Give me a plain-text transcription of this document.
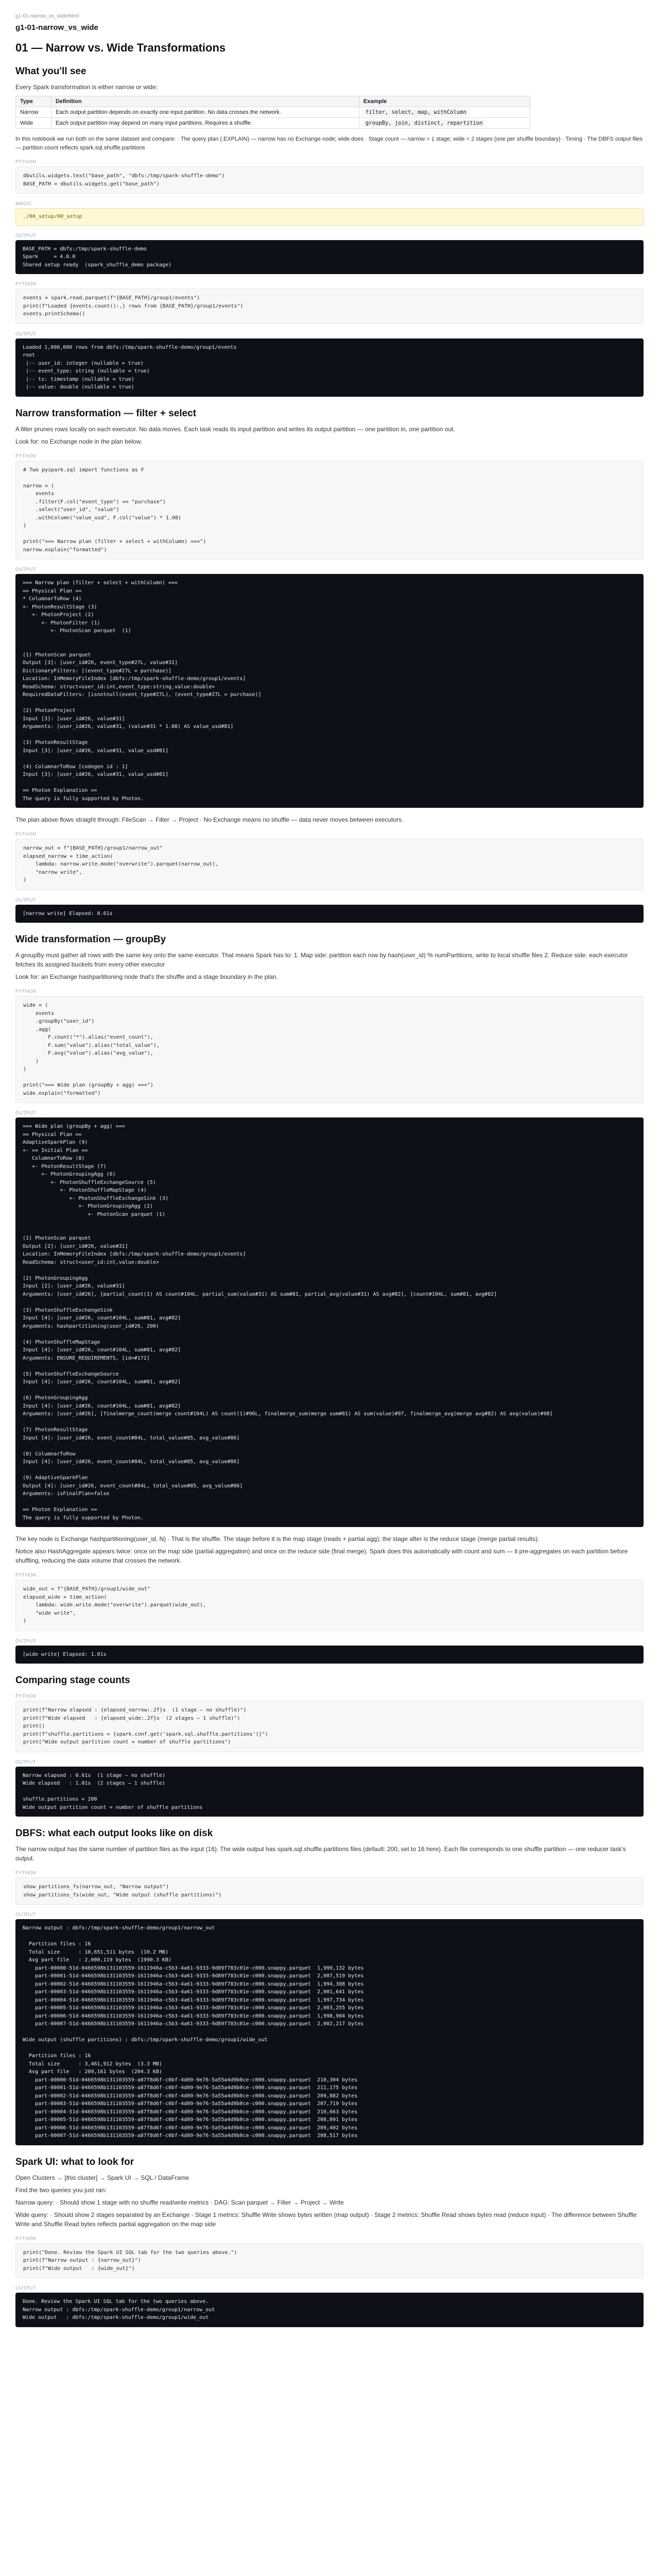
g1-01-narrow_vs_wide/html
g1-01-narrow_vs_wide
01 — Narrow vs. Wide Transformations
What you'll see

Every Spark transformation is either narrow or wide:

Type	Definition	Example
Narrow	Each output partition depends on exactly one input partition. No data crosses the network.	filter, select, map, withColumn
Wide	Each output partition may depend on many input partitions. Requires a shuffle.	groupBy, join, distinct, repartition

In this notebook we run both on the same dataset and compare: · The query plan (.EXPLAIN) — narrow has no Exchange node; wide does · Stage count — narrow = 1 stage; wide = 2 stages (one per shuffle boundary) · Timing · The DBFS output files — partition count reflects spark.sql.shuffle.partitions

PYTHON
dbutils.widgets.text("base_path", "dbfs:/tmp/spark-shuffle-demo")
BASE_PATH = dbutils.widgets.get("base_path")
MAGIC
./00_setup/00_setup
OUTPUT
BASE_PATH = dbfs:/tmp/spark-shuffle-demo
Spark     = 4.0.0
Shared setup ready  (spark_shuffle_demo package)
PYTHON
events = spark.read.parquet(f"{BASE_PATH}/group1/events")
print(f"Loaded {events.count():,} rows from {BASE_PATH}/group1/events")
events.printSchema()
OUTPUT
Loaded 1,000,000 rows from dbfs:/tmp/spark-shuffle-demo/group1/events
root
|-- user_id: integer (nullable = true)
|-- event_type: string (nullable = true)
|-- ts: timestamp (nullable = true)
|-- value: double (nullable = true)
Narrow transformation — filter + select

A filter prunes rows locally on each executor. No data moves. Each task reads its input partition and writes its output partition — one partition in, one partition out.

Look for: no Exchange node in the plan below.

PYTHON
# Two pyspark.sql import functions as F

narrow = (
events
.filter(F.col("event_type") == "purchase")
.select("user_id", "value")
.withColumn("value_usd", F.col("value") * 1.08)
)

print("=== Narrow plan (filter + select + withColumn) ===")
narrow.explain("formatted")
OUTPUT
=== Narrow plan (filter + select + withColumn) ===
== Physical Plan ==
* ColumnarToRow (4)
+- PhotonResultStage (3)
+- PhotonProject (2)
+- PhotonFilter (1)
+- PhotonScan parquet  (1)

(1) PhotonScan parquet
Output [3]: [user_id#26, event_type#27L, value#31]
DictionaryFilters: [(event_type#27L = purchase)]
Location: InMemoryFileIndex [dbfs:/tmp/spark-shuffle-demo/group1/events]
ReadSchema: struct<user_id:int,event_type:string,value:double>
RequiredDataFilters: [isnotnull(event_type#27L), (event_type#27L = purchase)]

(2) PhotonProject
Input [3]: [user_id#26, value#31]
Arguments: [user_id#26, value#31, (value#31 * 1.08) AS value_usd#81]

(3) PhotonResultStage
Input [3]: [user_id#26, value#31, value_usd#81]

(4) ColumnarToRow [codegen id : 1]
Input [3]: [user_id#26, value#31, value_usd#81]

== Photon Explanation ==
The query is fully supported by Photon.

The plan above flows straight through: FileScan → Filter → Project · No Exchange means no shuffle — data never moves between executors.

PYTHON
narrow_out = f"{BASE_PATH}/group1/narrow_out"
elapsed_narrow = time_action(
lambda: narrow.write.mode("overwrite").parquet(narrow_out),
"narrow write",
)
OUTPUT
[narrow write] Elapsed: 0.61s
Wide transformation — groupBy

A groupBy must gather all rows with the same key onto the same executor. That means Spark has to: 1. Map side: partition each row by hash(user_id) % numPartitions, write to local shuffle files 2. Reduce side: each executor fetches its assigned buckets from every other executor

Look for: an Exchange hashpartitioning node that's the shuffle and a stage boundary in the plan.

PYTHON
wide = (
events
.groupBy("user_id")
.agg(
F.count("*").alias("event_count"),
F.sum("value").alias("total_value"),
F.avg("value").alias("avg_value"),
)
)

print("=== Wide plan (groupBy + agg) ===")
wide.explain("formatted")
OUTPUT
=== Wide plan (groupBy + agg) ===
== Physical Plan ==
AdaptiveSparkPlan (9)
+- == Initial Plan ==
ColumnarToRow (8)
+- PhotonResultStage (7)
+- PhotonGroupingAgg (6)
+- PhotonShuffleExchangeSource (5)
+- PhotonShuffleMapStage (4)
+- PhotonShuffleExchangeSink (3)
+- PhotonGroupingAgg (2)
+- PhotonScan parquet (1)

(1) PhotonScan parquet
Output [2]: [user_id#26, value#31]
Location: InMemoryFileIndex [dbfs:/tmp/spark-shuffle-demo/group1/events]
ReadSchema: struct<user_id:int,value:double>

(2) PhotonGroupingAgg
Input [2]: [user_id#26, value#31]
Arguments: [user_id#26], [partial_count(1) AS count#104L, partial_sum(value#31) AS sum#81, partial_avg(value#31) AS avg#82], [count#104L, sum#81, avg#82]

(3) PhotonShuffleExchangeSink
Input [4]: [user_id#26, count#104L, sum#81, avg#82]
Arguments: hashpartitioning(user_id#26, 200)

(4) PhotonShuffleMapStage
Input [4]: [user_id#26, count#104L, sum#81, avg#82]
Arguments: ENSURE_REQUIREMENTS, [id=#172]

(5) PhotonShuffleExchangeSource
Input [4]: [user_id#26, count#104L, sum#81, avg#82]

(6) PhotonGroupingAgg
Input [4]: [user_id#26, count#104L, sum#81, avg#82]
Arguments: [user_id#26], [finalmerge_count(merge count#104L) AS count(1)#96L, finalmerge_sum(merge sum#81) AS sum(value)#97, finalmerge_avg(merge avg#82) AS avg(value)#98]

(7) PhotonResultStage
Input [4]: [user_id#26, event_count#84L, total_value#85, avg_value#86]

(8) ColumnarToRow
Input [4]: [user_id#26, event_count#84L, total_value#85, avg_value#86]

(9) AdaptiveSparkPlan
Output [4]: [user_id#26, event_count#84L, total_value#85, avg_value#86]
Arguments: isFinalPlan=false

== Photon Explanation ==
The query is fully supported by Photon.

The key node is Exchange hashpartitioning(user_id, N) · That is the shuffle. The stage before it is the map stage (reads + partial agg); the stage after is the reduce stage (merge partial results).

Notice also HashAggregate appears twice: once on the map side (partial aggregation) and once on the reduce side (final merge). Spark does this automatically with count and sum — it pre-aggregates on each partition before shuffling, reducing the data volume that crosses the network.

PYTHON
wide_out = f"{BASE_PATH}/group1/wide_out"
elapsed_wide = time_action(
lambda: wide.write.mode("overwrite").parquet(wide_out),
"wide write",
)
OUTPUT
[wide write] Elapsed: 1.01s
Comparing stage counts
PYTHON
print(f"Narrow elapsed : {elapsed_narrow:.2f}s  (1 stage — no shuffle)")
print(f"Wide elapsed   : {elapsed_wide:.2f}s  (2 stages — 1 shuffle)")
print()
print(f"shuffle.partitions = {spark.conf.get('spark.sql.shuffle.partitions')}")
print("Wide output partition count = number of shuffle partitions")
OUTPUT
Narrow elapsed : 0.61s  (1 stage — no shuffle)
Wide elapsed   : 1.01s  (2 stages — 1 shuffle)

shuffle.partitions = 200
Wide output partition count = number of shuffle partitions
DBFS: what each output looks like on disk

The narrow output has the same number of partition files as the input (16). The wide output has spark.sql.shuffle.partitions files (default: 200, set to 16 here). Each file corresponds to one shuffle partition — one reducer task's output.

PYTHON
show_partitions_fs(narrow_out, "Narrow output")
show_partitions_fs(wide_out, "Wide output (shuffle partitions)")
OUTPUT
Narrow output : dbfs:/tmp/spark-shuffle-demo/group1/narrow_out

Partition files : 16
Total size      : 10,651,511 bytes  (10.2 MB)
Avg part file   : 2,000,119 bytes  (1990.3 KB)
part-00000-51d-0466598b131103559-1611946a-c5b3-4a61-9333-9d89f783c01e-c000.snappy.parquet  1,999,132 bytes
part-00001-51d-0466598b131103559-1611946a-c5b3-4a61-9333-9d89f783c01e-c000.snappy.parquet  2,007,519 bytes
part-00002-51d-0466598b131103559-1611946a-c5b3-4a61-9333-9d89f783c01e-c000.snappy.parquet  1,994,308 bytes
part-00003-51d-0466598b131103559-1611946a-c5b3-4a61-9333-9d89f783c01e-c000.snappy.parquet  2,001,641 bytes
part-00004-51d-0466598b131103559-1611946a-c5b3-4a61-9333-9d89f783c01e-c000.snappy.parquet  1,997,734 bytes
part-00005-51d-0466598b131103559-1611946a-c5b3-4a61-9333-9d89f783c01e-c000.snappy.parquet  2,003,255 bytes
part-00006-51d-0466598b131103559-1611946a-c5b3-4a61-9333-9d89f783c01e-c000.snappy.parquet  1,998,904 bytes
part-00007-51d-0466598b131103559-1611946a-c5b3-4a61-9333-9d89f783c01e-c000.snappy.parquet  2,002,217 bytes

Wide output (shuffle partitions) : dbfs:/tmp/spark-shuffle-demo/group1/wide_out

Partition files : 16
Total size      : 3,461,912 bytes  (3.3 MB)
Avg part file   : 209,161 bytes  (204.3 KB)
part-00000-51d-0466598b131103559-a87f8d6f-c0bf-4d09-9e76-5a55a4d9b0ce-c000.snappy.parquet  210,304 bytes
part-00001-51d-0466598b131103559-a87f8d6f-c0bf-4d09-9e76-5a55a4d9b0ce-c000.snappy.parquet  211,175 bytes
part-00002-51d-0466598b131103559-a87f8d6f-c0bf-4d09-9e76-5a55a4d9b0ce-c000.snappy.parquet  209,882 bytes
part-00003-51d-0466598b131103559-a87f8d6f-c0bf-4d09-9e76-5a55a4d9b0ce-c000.snappy.parquet  207,719 bytes
part-00004-51d-0466598b131103559-a87f8d6f-c0bf-4d09-9e76-5a55a4d9b0ce-c000.snappy.parquet  210,663 bytes
part-00005-51d-0466598b131103559-a87f8d6f-c0bf-4d09-9e76-5a55a4d9b0ce-c000.snappy.parquet  208,091 bytes
part-00006-51d-0466598b131103559-a87f8d6f-c0bf-4d09-9e76-5a55a4d9b0ce-c000.snappy.parquet  209,402 bytes
part-00007-51d-0466598b131103559-a87f8d6f-c0bf-4d09-9e76-5a55a4d9b0ce-c000.snappy.parquet  208,517 bytes
Spark UI: what to look for

Open Clusters → [this cluster] → Spark UI → SQL / DataFrame

Find the two queries you just ran:

Narrow query: · Should show 1 stage with no shuffle read/write metrics · DAG: Scan parquet → Filter → Project → Write

Wide query: · Should show 2 stages separated by an Exchange · Stage 1 metrics: Shuffle Write shows bytes written (map output) · Stage 2 metrics: Shuffle Read shows bytes read (reduce input) · The difference between Shuffle Write and Shuffle Read bytes reflects partial aggregation on the map side

PYTHON
print("Done. Review the Spark UI SQL tab for the two queries above.")
print(f"Narrow output : {narrow_out}")
print(f"Wide output   : {wide_out}")
OUTPUT
Done. Review the Spark UI SQL tab for the two queries above.
Narrow output : dbfs:/tmp/spark-shuffle-demo/group1/narrow_out
Wide output   : dbfs:/tmp/spark-shuffle-demo/group1/wide_out
